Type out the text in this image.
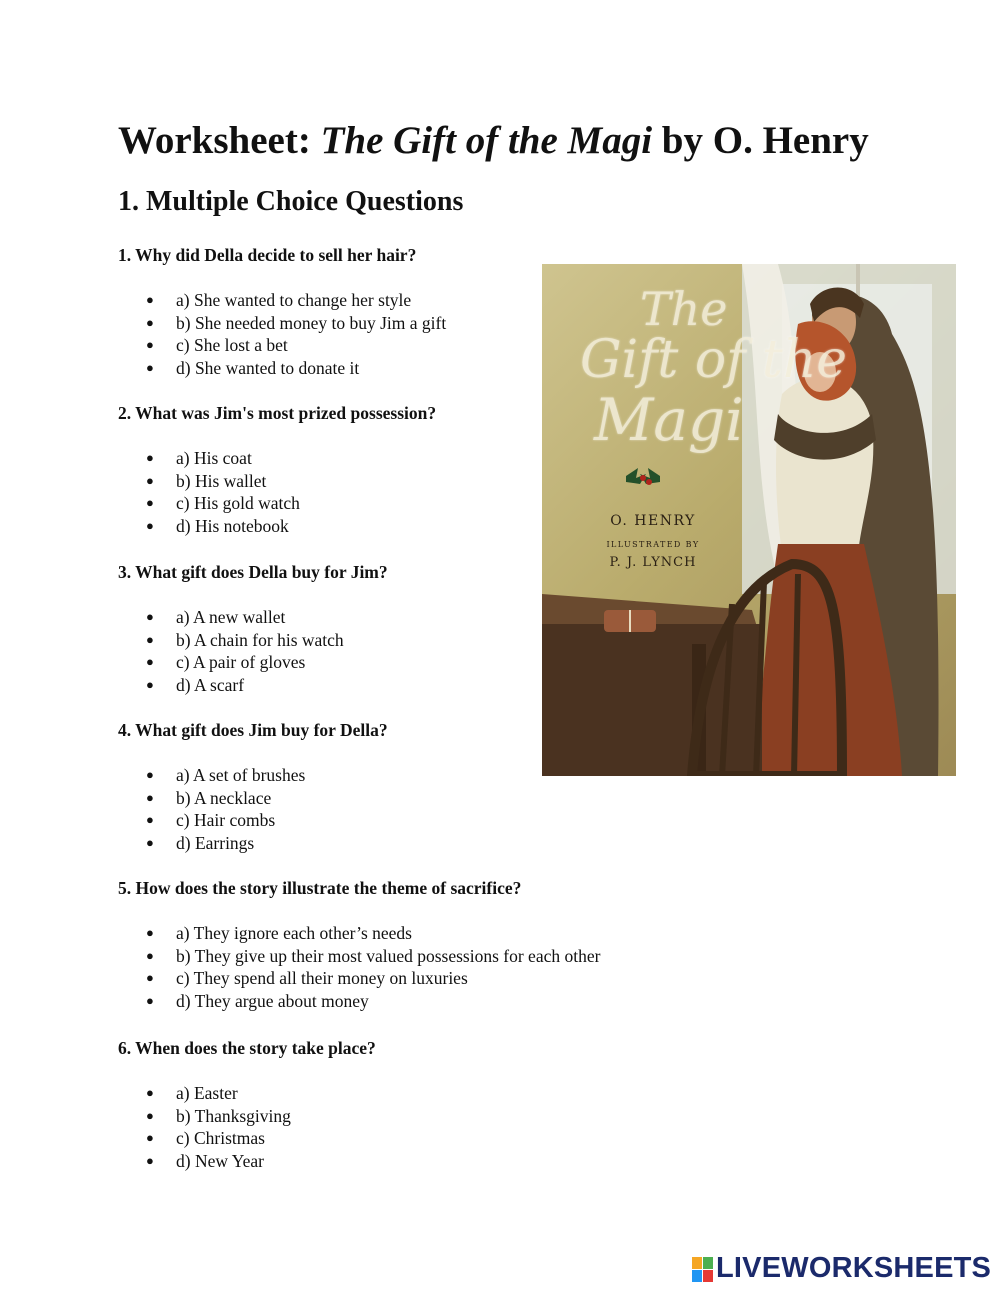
Worksheet: The Gift of the Magi by O. Henry
1. Multiple Choice Questions
1. Why did Della decide to sell her hair?
● a) She wanted to change her style
● b) She needed money to buy Jim a gift
● c) She lost a bet
● d) She wanted to donate it
2. What was Jim's most prized possession?
● a) His coat
● b) His wallet
● c) His gold watch
● d) His notebook
3. What gift does Della buy for Jim?
● a) A new wallet
● b) A chain for his watch
● c) A pair of gloves
● d) A scarf
4. What gift does Jim buy for Della?
● a) A set of brushes
● b) A necklace
● c) Hair combs
● d) Earrings
5. How does the story illustrate the theme of sacrifice?
● a) They ignore each other’s needs
● b) They give up their most valued possessions for each other
● c) They spend all their money on luxuries
● d) They argue about money
6. When does the story take place?
● a) Easter
● b) Thanksgiving
● c) Christmas
● d) New Year
The
Gift of the
Magi
O. HENRY
ILLUSTRATED BY
P. J. LYNCH
LIVEWORKSHEETS
